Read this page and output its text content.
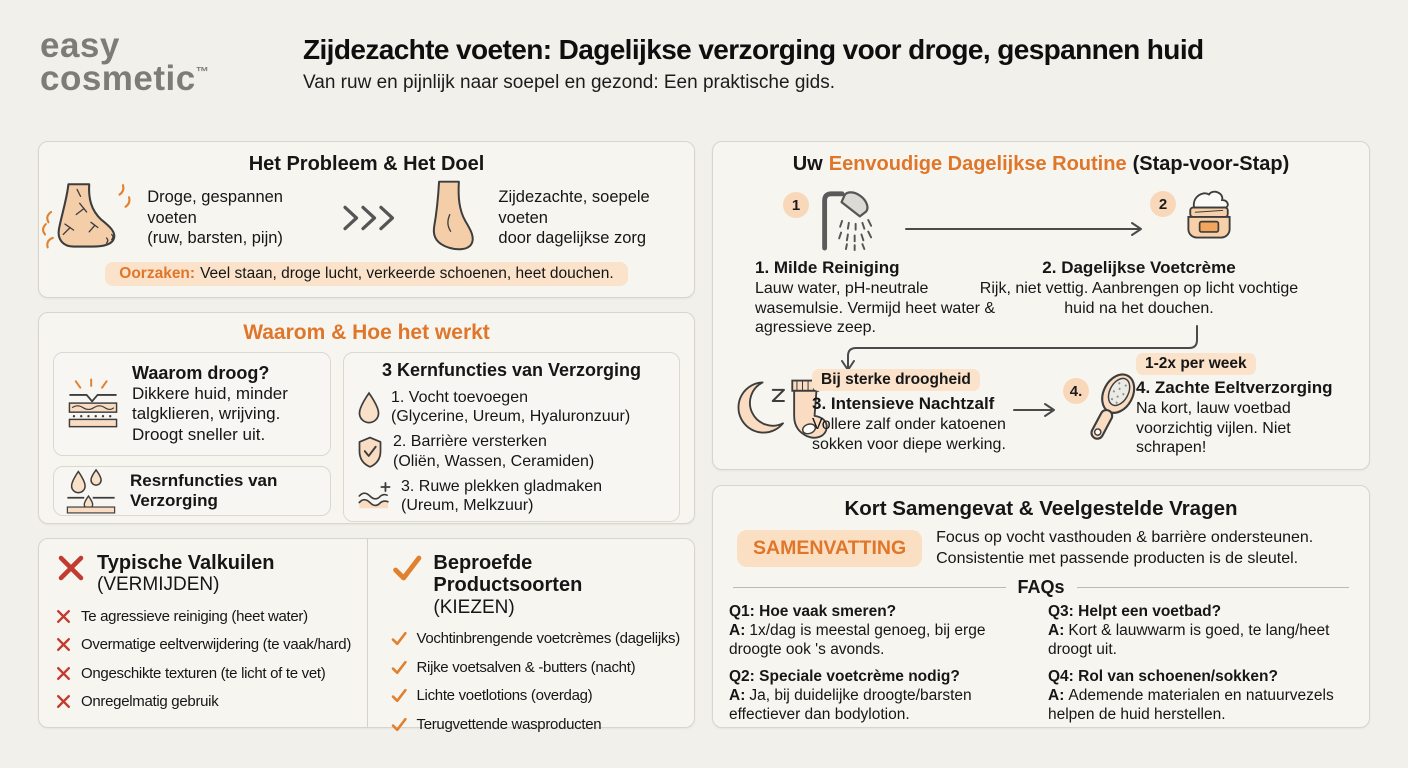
easy
cosmetic™
Zijdezachte voeten: Dagelijkse verzorging voor droge, gespannen huid

Van ruw en pijnlijk naar soepel en gezond: Een praktische gids.

Het Probleem & Het Doel
Droge, gespannen voeten
(ruw, barsten, pijn)
Zijdezachte, soepele voeten
door dagelijkse zorg
Oorzaken: Veel staan, droge lucht, verkeerde schoenen, heet douchen.
Waarom & Hoe het werkt
Waarom droog?
Dikkere huid, minder talgklieren, wrijving. Droogt sneller uit.
Resrnfuncties van Verzorging
3 Kernfuncties van Verzorging
1. Vocht toevoegen
(Glycerine, Ureum, Hyaluronzuur)
2. Barrière versterken
(Oliën, Wassen, Ceramiden)
3. Ruwe plekken gladmaken
(Ureum, Melkzuur)
Typische Valkuilen
(VERMIJDEN)
Te agressieve reiniging (heet water)
Overmatige eeltverwijdering (te vaak/hard)
Ongeschikte texturen (te licht of te vet)
Onregelmatig gebruik
Beproefde Productsoorten
(KIEZEN)
Vochtinbrengende voetcrèmes (dagelijks)
Rijke voetsalven & -butters (nacht)
Lichte voetlotions (overdag)
Terugvettende wasproducten
Uw Eenvoudige Dagelijkse Routine (Stap-voor-Stap)
1

1. Milde Reiniging

Lauw water, pH-neutrale wasemulsie. Vermijd heet water & agressieve zeep.

2

2. Dagelijkse Voetcrème

Rijk, niet vettig. Aanbrengen op licht vochtige huid na het douchen.

Bij sterke droogheid

3. Intensieve Nachtzalf

Vollere zalf onder katoenen sokken voor diepe werking.

4.
1-2x per week

4. Zachte Eeltverzorging

Na kort, lauw voetbad voorzichtig vijlen. Niet schrapen!

Kort Samengevat & Veelgestelde Vragen
SAMENVATTING	Focus op vocht vasthouden & barrière ondersteunen.
Consistentie met passende producten is de sleutel.
FAQs
Q1: Hoe vaak smeren?
A: 1x/dag is meestal genoeg, bij erge droogte ook 's avonds.
Q3: Helpt een voetbad?
A: Kort & lauwwarm is goed, te lang/heet droogt uit.
Q2: Speciale voetcrème nodig?
A: Ja, bij duidelijke droogte/barsten effectiever dan bodylotion.
Q4: Rol van schoenen/sokken?
A: Ademende materialen en natuurvezels helpen de huid herstellen.
